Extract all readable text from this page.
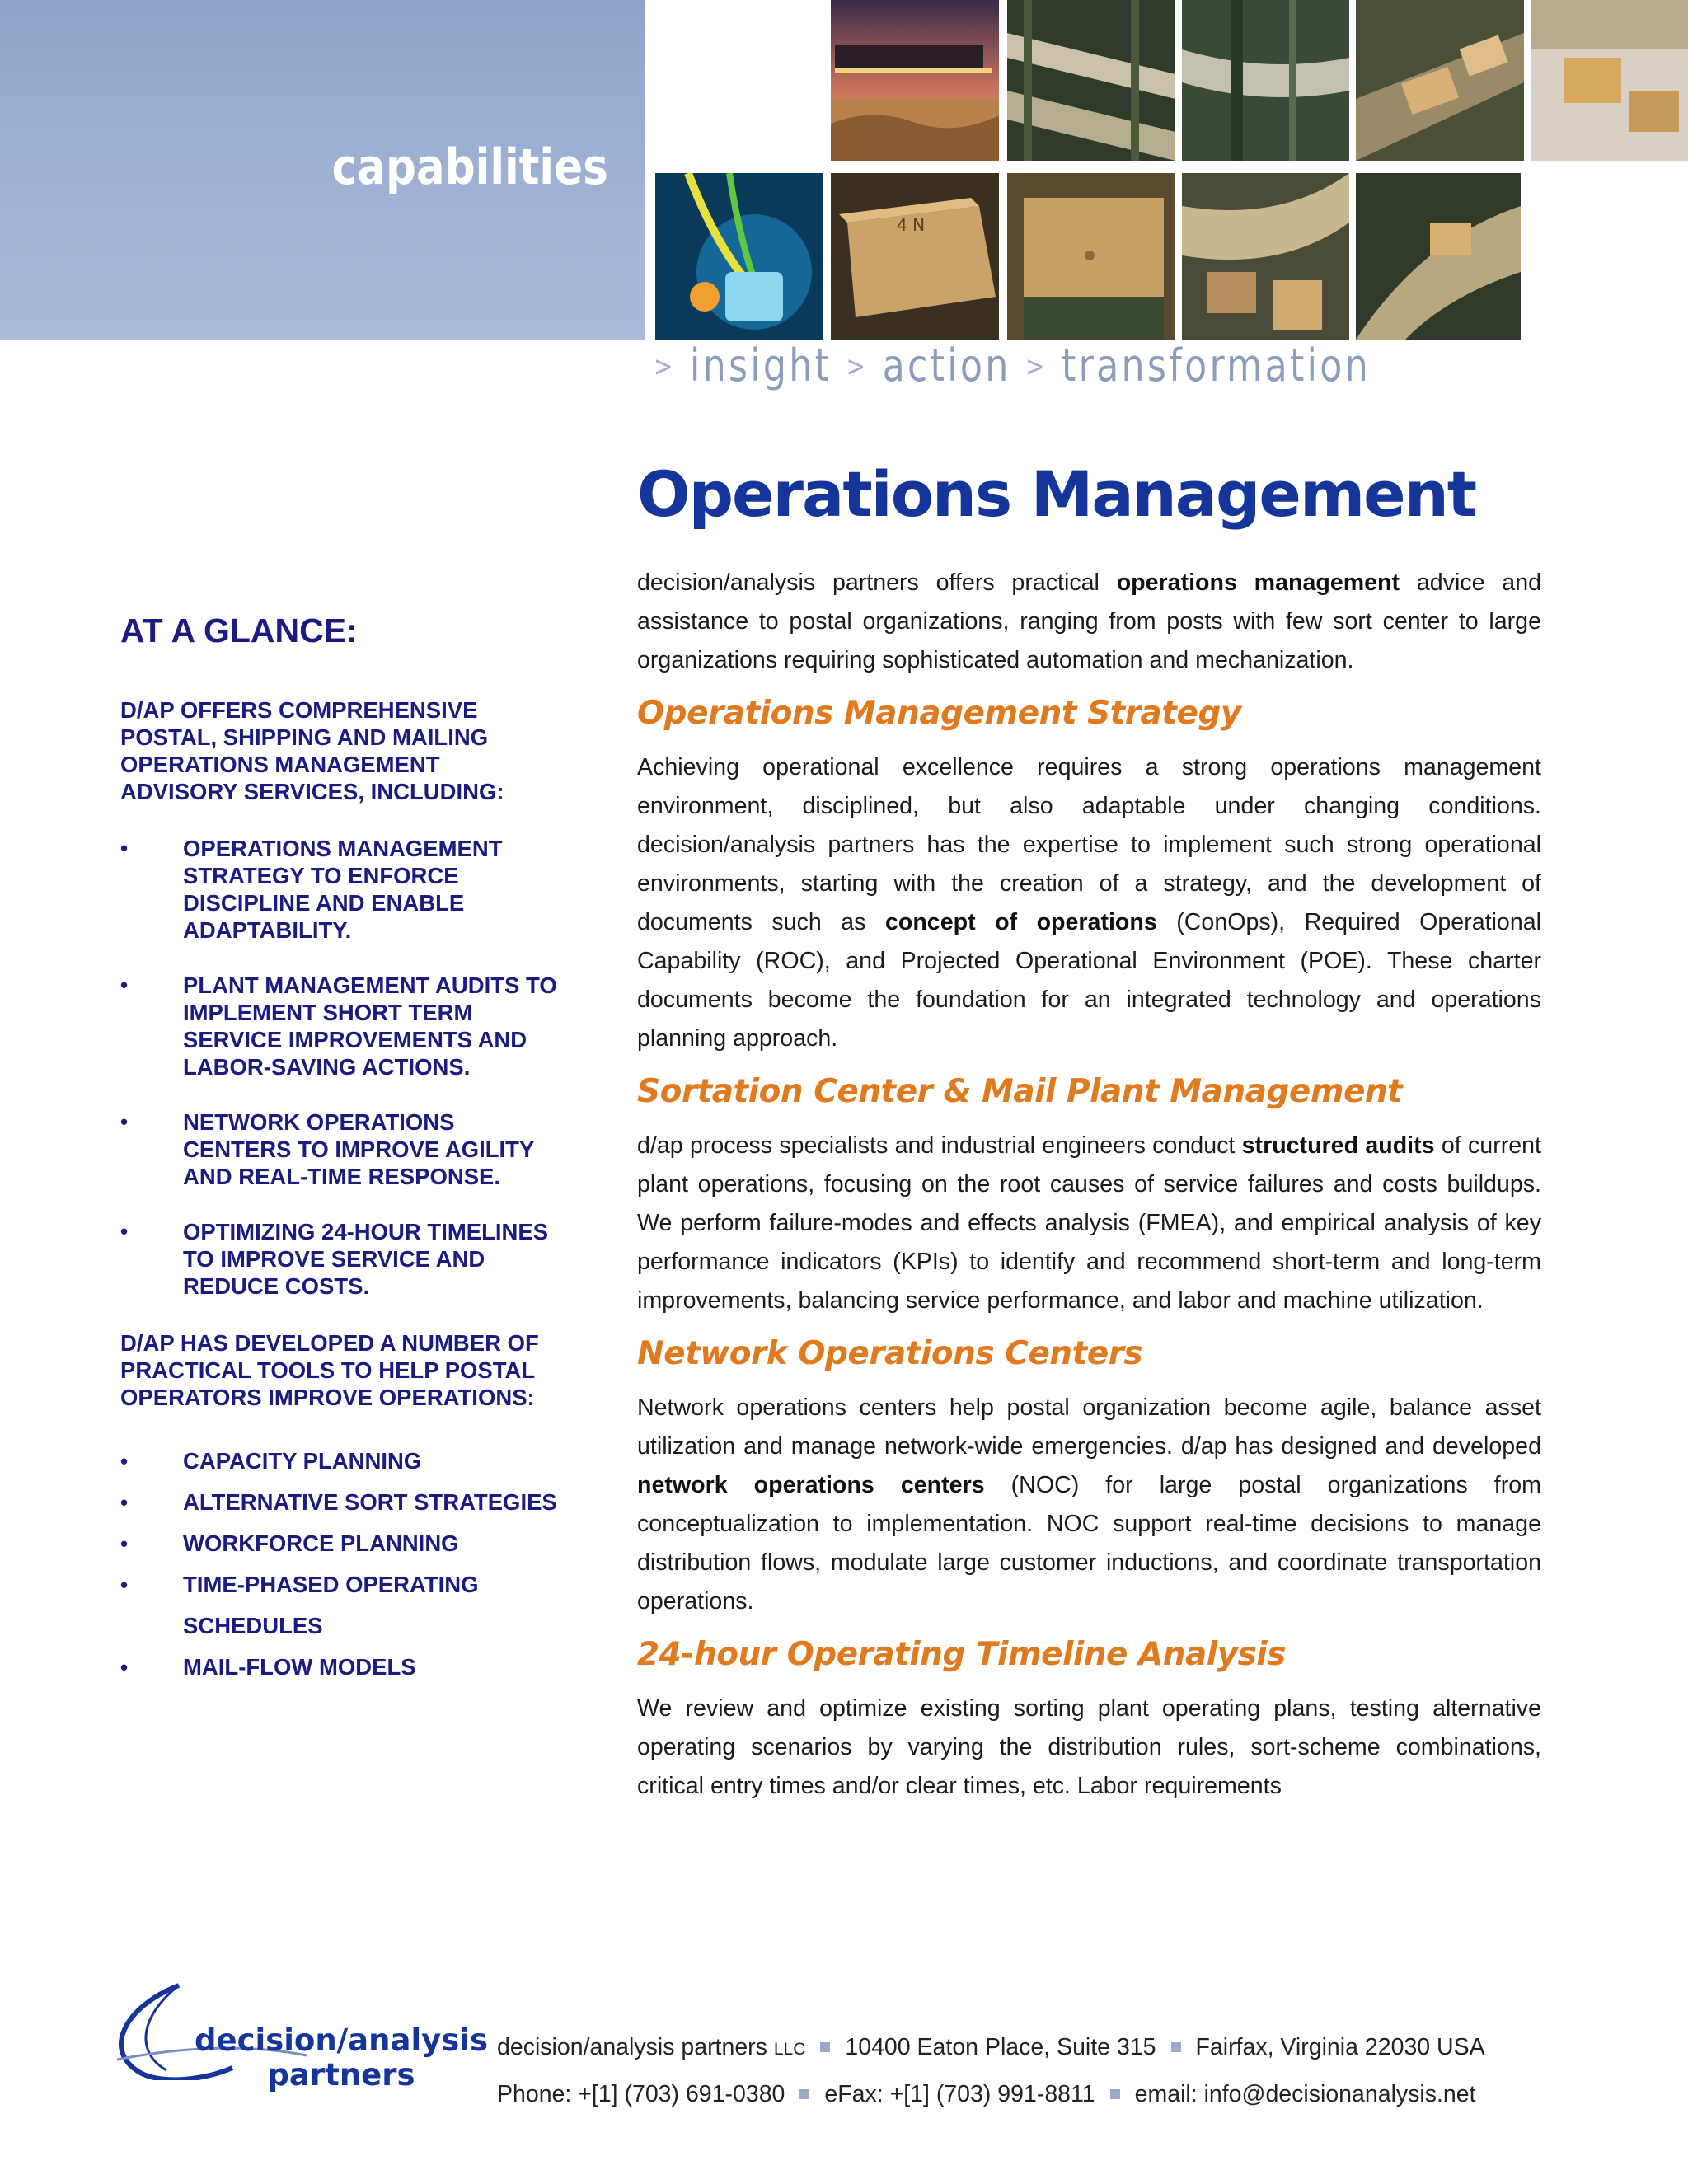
capabilities
4 N
> insight > action > transformation
Operations Management

decision/analysis partners offers practical operations management advice and assistance to postal organizations, ranging from posts with few sort center to large organizations requiring sophisticated automation and mechanization.

Operations Management Strategy

Achieving operational excellence requires a strong operations management environment, disciplined, but also adaptable under changing conditions. decision/analysis partners has the expertise to implement such strong operational environments, starting with the creation of a strategy, and the development of documents such as concept of operations (ConOps), Required Operational Capability (ROC), and Projected Operational Environment (POE). These charter documents become the foundation for an integrated technology and operations planning approach.

Sortation Center & Mail Plant Management

d/ap process specialists and industrial engineers conduct structured audits of current plant operations, focusing on the root causes of service failures and costs buildups. We perform failure-modes and effects analysis (FMEA), and empirical analysis of key performance indicators (KPIs) to identify and recommend short-term and long-term improvements, balancing service performance, and labor and machine utilization.

Network Operations Centers

Network operations centers help postal organization become agile, balance asset utilization and manage network-wide emergencies. d/ap has designed and developed network operations centers (NOC) for large postal organizations from conceptualization to implementation. NOC support real-time decisions to manage distribution flows, modulate large customer inductions, and coordinate transportation operations.

24-hour Operating Timeline Analysis

We review and optimize existing sorting plant operating plans, testing alternative operating scenarios by varying the distribution rules, sort-scheme combinations, critical entry times and/or clear times, etc. Labor requirements

AT A GLANCE:

D/AP OFFERS COMPREHENSIVE POSTAL, SHIPPING AND MAILING OPERATIONS MANAGEMENT ADVISORY SERVICES, INCLUDING:

• OPERATIONS MANAGEMENT STRATEGY TO ENFORCE DISCIPLINE AND ENABLE ADAPTABILITY.
• PLANT MANAGEMENT AUDITS TO IMPLEMENT SHORT TERM SERVICE IMPROVEMENTS AND LABOR-SAVING ACTIONS.
• NETWORK OPERATIONS CENTERS TO IMPROVE AGILITY AND REAL-TIME RESPONSE.
• OPTIMIZING 24-HOUR TIMELINES TO IMPROVE SERVICE AND REDUCE COSTS.

D/AP HAS DEVELOPED A NUMBER OF PRACTICAL TOOLS TO HELP POSTAL OPERATORS IMPROVE OPERATIONS:

• CAPACITY PLANNING
• ALTERNATIVE SORT STRATEGIES
• WORKFORCE PLANNING
• TIME-PHASED OPERATING SCHEDULES
• MAIL-FLOW MODELS
decision/analysis
partners
decision/analysis partners LLC 10400 Eaton Place, Suite 315 Fairfax, Virginia 22030 USA
Phone: +[1] (703) 691-0380 eFax: +[1] (703) 991-8811 email: info@decisionanalysis.net
